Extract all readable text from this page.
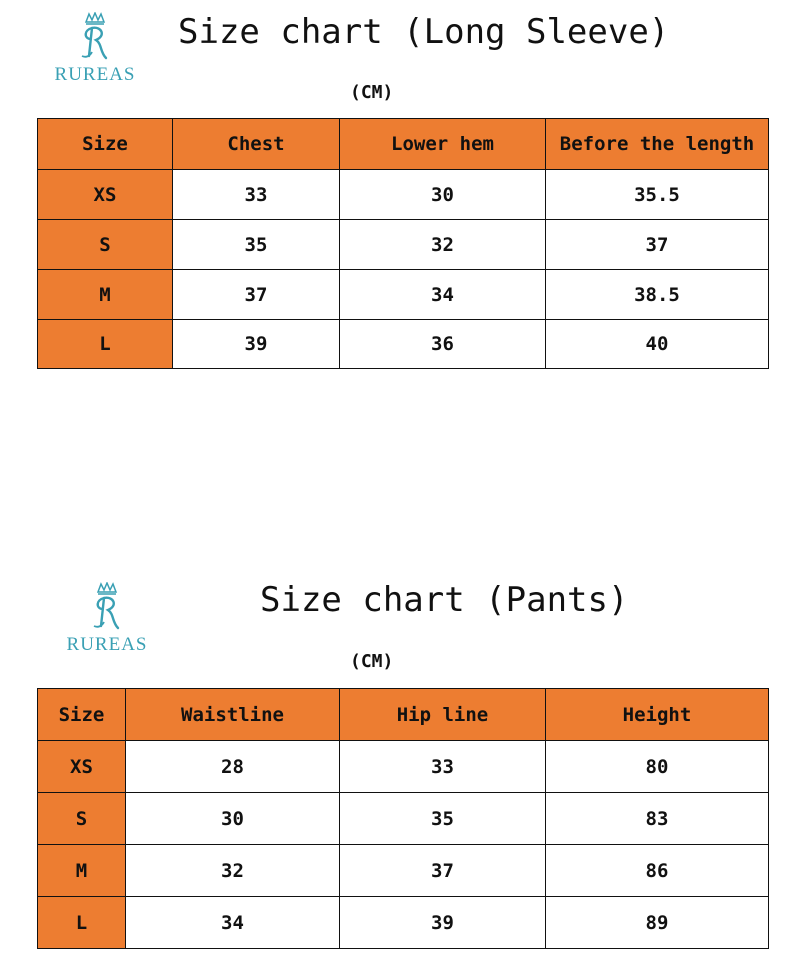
RUREAS
Size chart (Long Sleeve)
(CM)
Size	Chest	Lower hem	Before the length
XS	33	30	35.5
S	35	32	37
M	37	34	38.5
L	39	36	40
RUREAS
Size chart (Pants)
(CM)
Size	Waistline	Hip line	Height
XS	28	33	80
S	30	35	83
M	32	37	86
L	34	39	89
